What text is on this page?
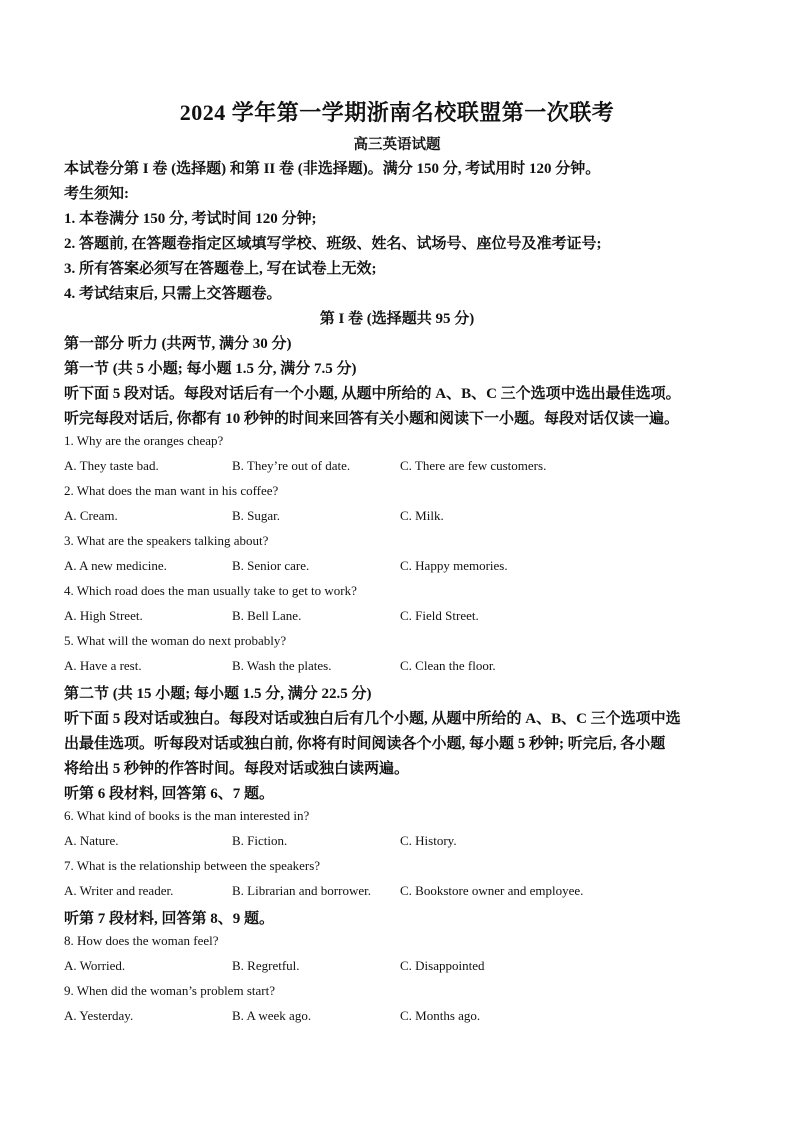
2024 学年第一学期浙南名校联盟第一次联考
高三英语试题
本试卷分第 I 卷 (选择题) 和第 II 卷 (非选择题)。满分 150 分, 考试用时 120 分钟。
考生须知:
1. 本卷满分 150 分, 考试时间 120 分钟;
2. 答题前, 在答题卷指定区域填写学校、班级、姓名、试场号、座位号及准考证号;
3. 所有答案必须写在答题卷上, 写在试卷上无效;
4. 考试结束后, 只需上交答题卷。
第 I 卷 (选择题共 95 分)
第一部分 听力 (共两节, 满分 30 分)
第一节 (共 5 小题; 每小题 1.5 分, 满分 7.5 分)
听下面 5 段对话。每段对话后有一个小题, 从题中所给的 A、B、C 三个选项中选出最佳选项。
听完每段对话后, 你都有 10 秒钟的时间来回答有关小题和阅读下一小题。每段对话仅读一遍。
1. Why are the oranges cheap?
A. They taste bad.	B. They’re out of date.	C. There are few customers.
2. What does the man want in his coffee?
A. Cream.	B. Sugar.	C. Milk.
3. What are the speakers talking about?
A. A new medicine.	B. Senior care.	C. Happy memories.
4. Which road does the man usually take to get to work?
A. High Street.	B. Bell Lane.	C. Field Street.
5. What will the woman do next probably?
A. Have a rest.	B. Wash the plates.	C. Clean the floor.
第二节 (共 15 小题; 每小题 1.5 分, 满分 22.5 分)
听下面 5 段对话或独白。每段对话或独白后有几个小题, 从题中所给的 A、B、C 三个选项中选
出最佳选项。听每段对话或独白前, 你将有时间阅读各个小题, 每小题 5 秒钟; 听完后, 各小题
将给出 5 秒钟的作答时间。每段对话或独白读两遍。
听第 6 段材料, 回答第 6、7 题。
6. What kind of books is the man interested in?
A. Nature.	B. Fiction.	C. History.
7. What is the relationship between the speakers?
A. Writer and reader.	B. Librarian and borrower. C. Bookstore owner and employee.
听第 7 段材料, 回答第 8、9 题。
8. How does the woman feel?
A. Worried.	B. Regretful.	C. Disappointed
9. When did the woman’s problem start?
A. Yesterday.	B. A week ago.	C. Months ago.
